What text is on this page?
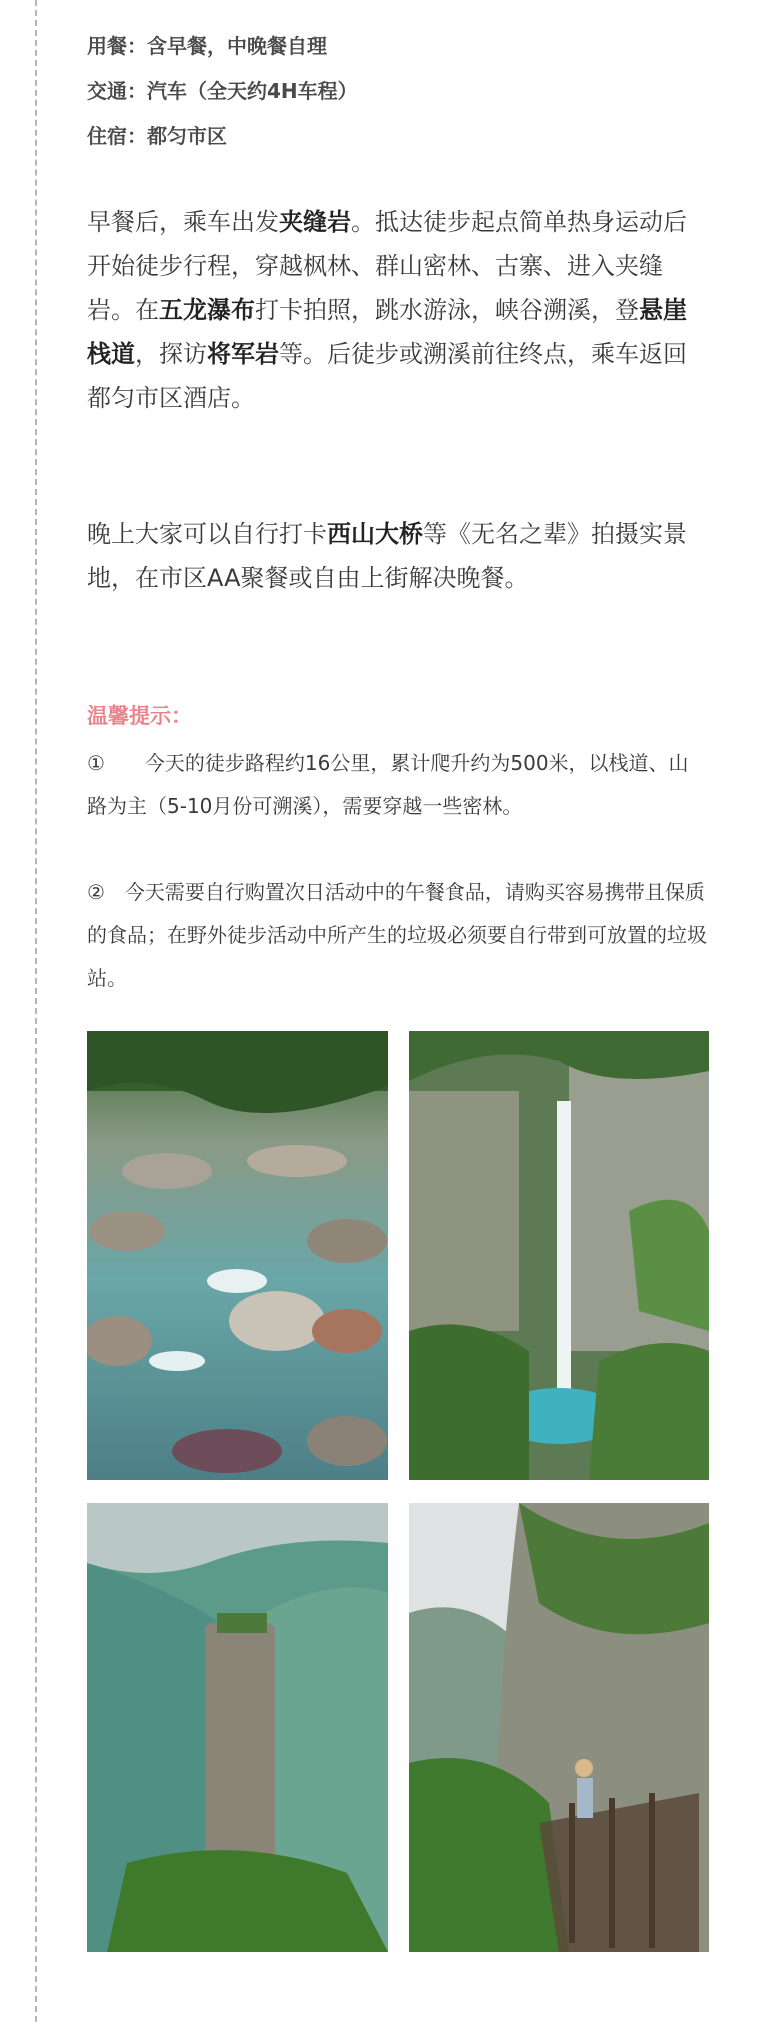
用餐：含早餐，中晚餐自理
交通：汽车（全天约4H车程）
住宿：都匀市区

早餐后，乘车出发夹缝岩。抵达徒步起点简单热身运动后开始徒步行程，穿越枫林、群山密林、古寨、进入夹缝岩。在五龙瀑布打卡拍照，跳水游泳，峡谷溯溪，登悬崖栈道，探访将军岩等。后徒步或溯溪前往终点，乘车返回都匀市区酒店。

晚上大家可以自行打卡西山大桥等《无名之辈》拍摄实景地，在市区AA聚餐或自由上街解决晚餐。

温馨提示：

①　　今天的徒步路程约16公里，累计爬升约为500米，以栈道、山路为主（5-10月份可溯溪），需要穿越一些密林。

②　今天需要自行购置次日活动中的午餐食品，请购买容易携带且保质的食品；在野外徒步活动中所产生的垃圾必须要自行带到可放置的垃圾站。
